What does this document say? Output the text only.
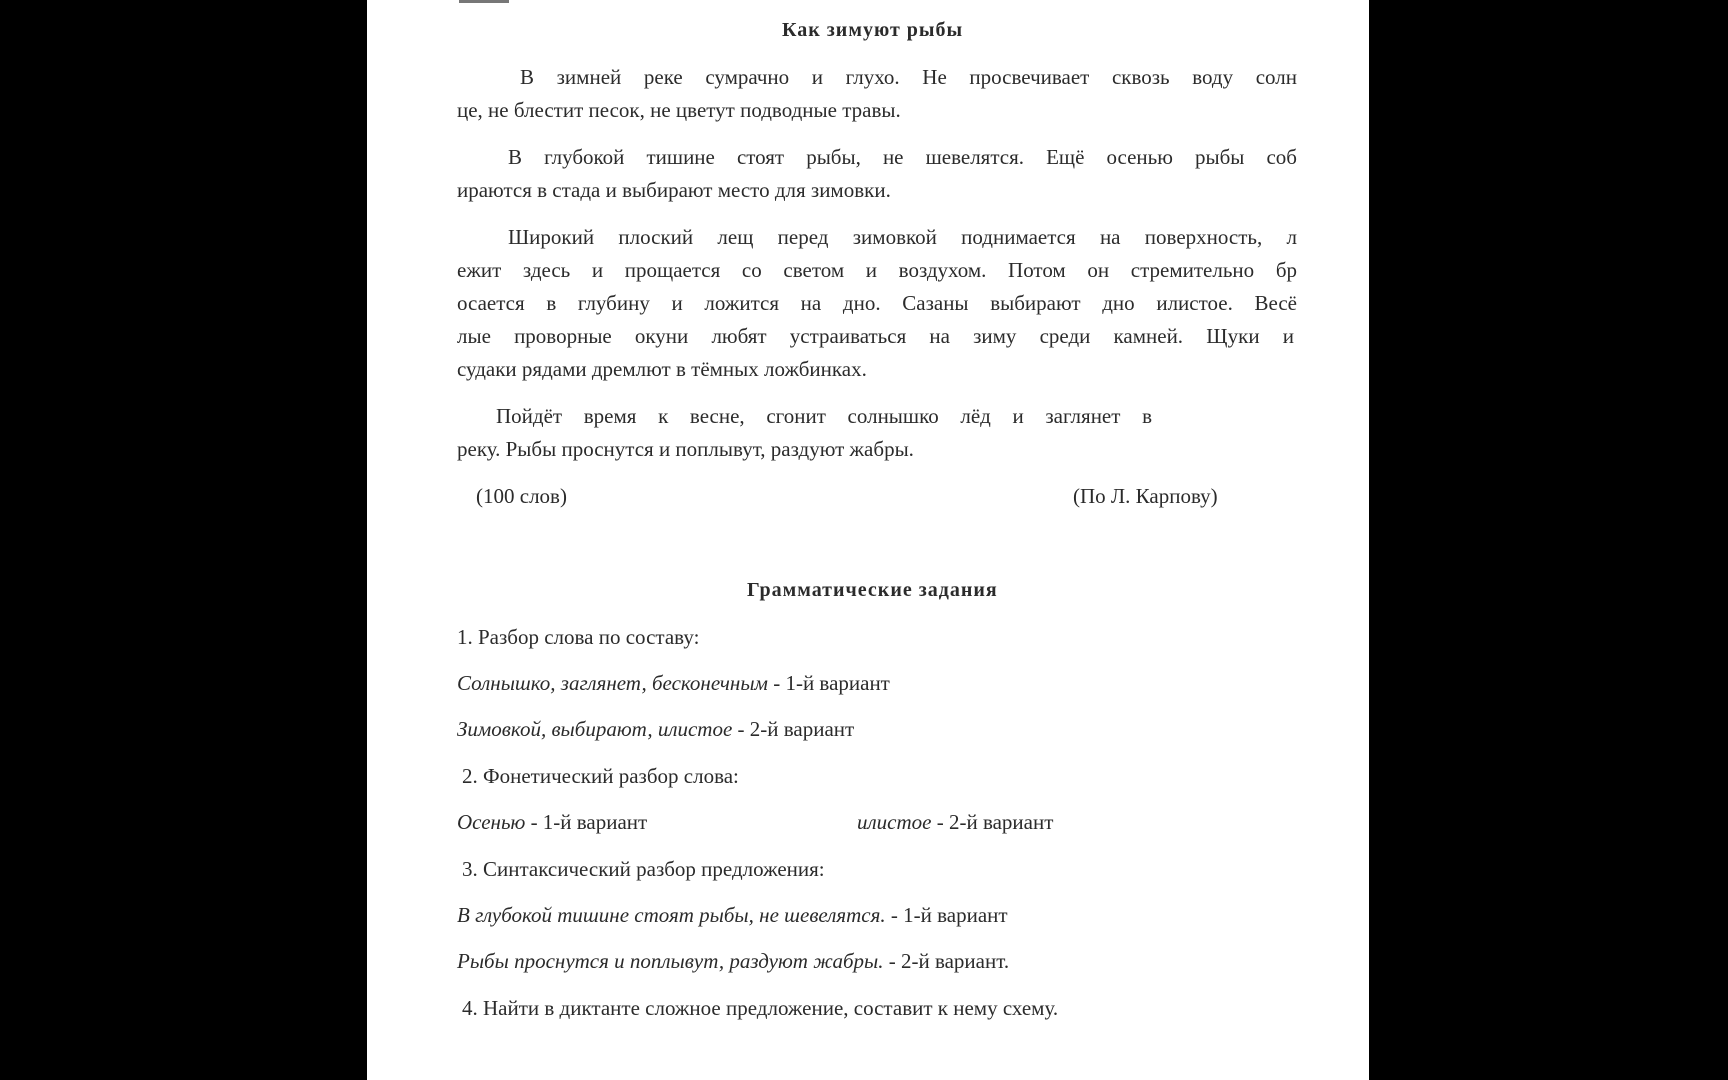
Как зимуют рыбы
В зимней реке сумрачно и глухо. Не просвечивает сквозь воду солн
це, не блестит песок, не цветут подводные травы.
В глубокой тишине стоят рыбы, не шевелятся. Ещё осенью рыбы соб
ираются в стада и выбирают место для зимовки.
Широкий плоский лещ перед зимовкой поднимается на поверхность, л
ежит здесь и прощается со светом и воздухом. Потом он стремительно бр
осается в глубину и ложится на дно. Сазаны выбирают дно илистое. Весё
лые проворные окуни любят устраиваться на зиму среди камней. Щуки и
судаки рядами дремлют в тёмных ложбинках.
Пойдёт время к весне, сгонит солнышко лёд и заглянет в
реку. Рыбы проснутся и поплывут, раздуют жабры.
(100 слов)	(По Л. Карпову)
Грамматические задания
1. Разбор слова по составу:
Солнышко, заглянет, бесконечным - 1-й вариант
Зимовкой, выбирают, илистое - 2-й вариант
2. Фонетический разбор слова:
Осенью - 1-й вариант	илистое - 2-й вариант
3. Синтаксический разбор предложения:
В глубокой тишине стоят рыбы, не шевелятся. - 1-й вариант
Рыбы проснутся и поплывут, раздуют жабры. - 2-й вариант.
4. Найти в диктанте сложное предложение, составит к нему схему.
